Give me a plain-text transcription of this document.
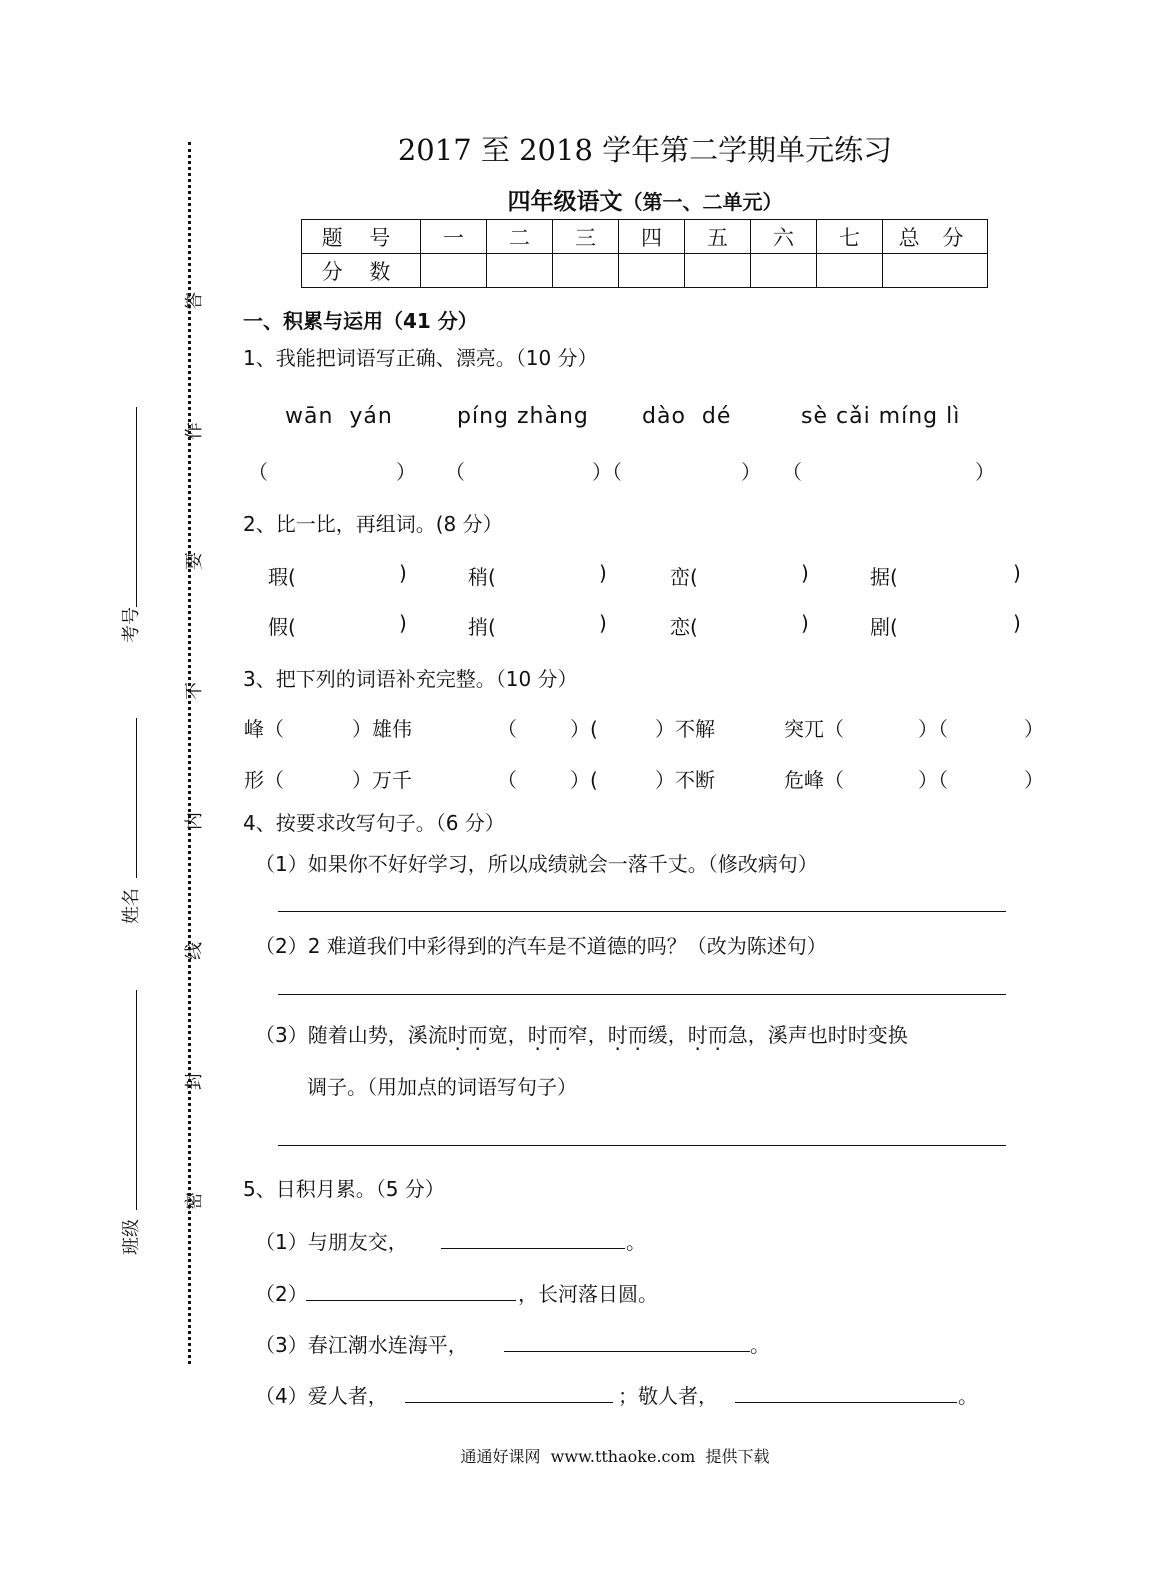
答
作
要
不
内
线
封
密
考号
姓名
班级
2017 至 2018 学年第二学期单元练习
四年级语文（第一、二单元）
题 号	一	二	三	四	五	六	七	总 分
分 数								
一、积累与运用（41 分）
1、我能把词语写正确、漂亮。（10 分）
wān  yán	píng zhàng dào  dé	sè cǎi míng lì
（	） （	）（	） （	）
2、比一比，再组词。(8 分）
瑕(	)	稍(	)	峦(	)	据(	)
假(	)	捎(	)	恋(	)	剧(	)
3、把下列的词语补充完整。（10 分）
峰（	）雄伟	（	）(	）不解	突兀（	）（	）
形（	）万千	（	）(	）不断	危峰（	）（	）
4、按要求改写句子。（6 分）
（1）如果你不好好学习，所以成绩就会一落千丈。（修改病句）
（2）2 难道我们中彩得到的汽车是不道德的吗？（改为陈述句）
（3）随着山势，溪流时而宽，时而窄，时而缓，时而急，溪声也时时变换
调子。（用加点的词语写句子）
5、日积月累。（5 分）
（1）与朋友交，	。
（2）	，长河落日圆。
（3）春江潮水连海平，	。
（4）爱人者，	；敬人者，	。
通通好课网  www.tthaoke.com  提供下载
